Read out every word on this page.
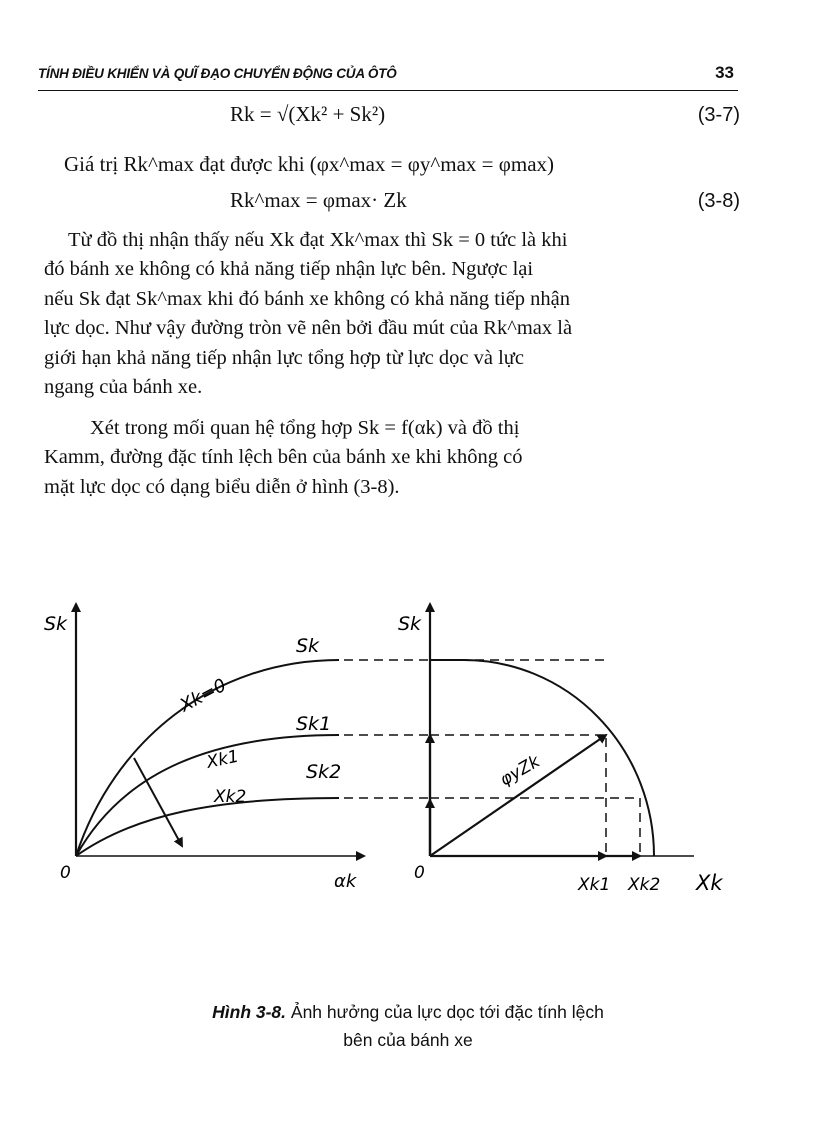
TÍNH ĐIỀU KHIỂN VÀ QUĨ ĐẠO CHUYỂN ĐỘNG CỦA ÔTÔ	33
Rk = √(Xk² + Sk²)	(3-7)
Giá trị Rk^max đạt được khi (φx^max = φy^max = φmax)
Rk^max = φmax· Zk	(3-8)
Từ đồ thị nhận thấy nếu Xk đạt Xk^max thì Sk = 0 tức là khi
đó bánh xe không có khả năng tiếp nhận lực bên. Ngược lại
nếu Sk đạt Sk^max khi đó bánh xe không có khả năng tiếp nhận
lực dọc. Như vậy đường tròn vẽ nên bởi đầu mút của Rk^max là
giới hạn khả năng tiếp nhận lực tổng hợp từ lực dọc và lực
ngang của bánh xe.
Xét trong mối quan hệ tổng hợp Sk = f(αk) và đồ thị
Kamm, đường đặc tính lệch bên của bánh xe khi không có
mặt lực dọc có dạng biểu diễn ở hình (3-8).
Sk
αk
0
Xk=0
Sk
Xk1
Sk1
Xk2
Sk2
Sk
Xk
0
φyZk
Xk1 Xk2
Hình 3-8. Ảnh hưởng của lực dọc tới đặc tính lệch
bên của bánh xe
